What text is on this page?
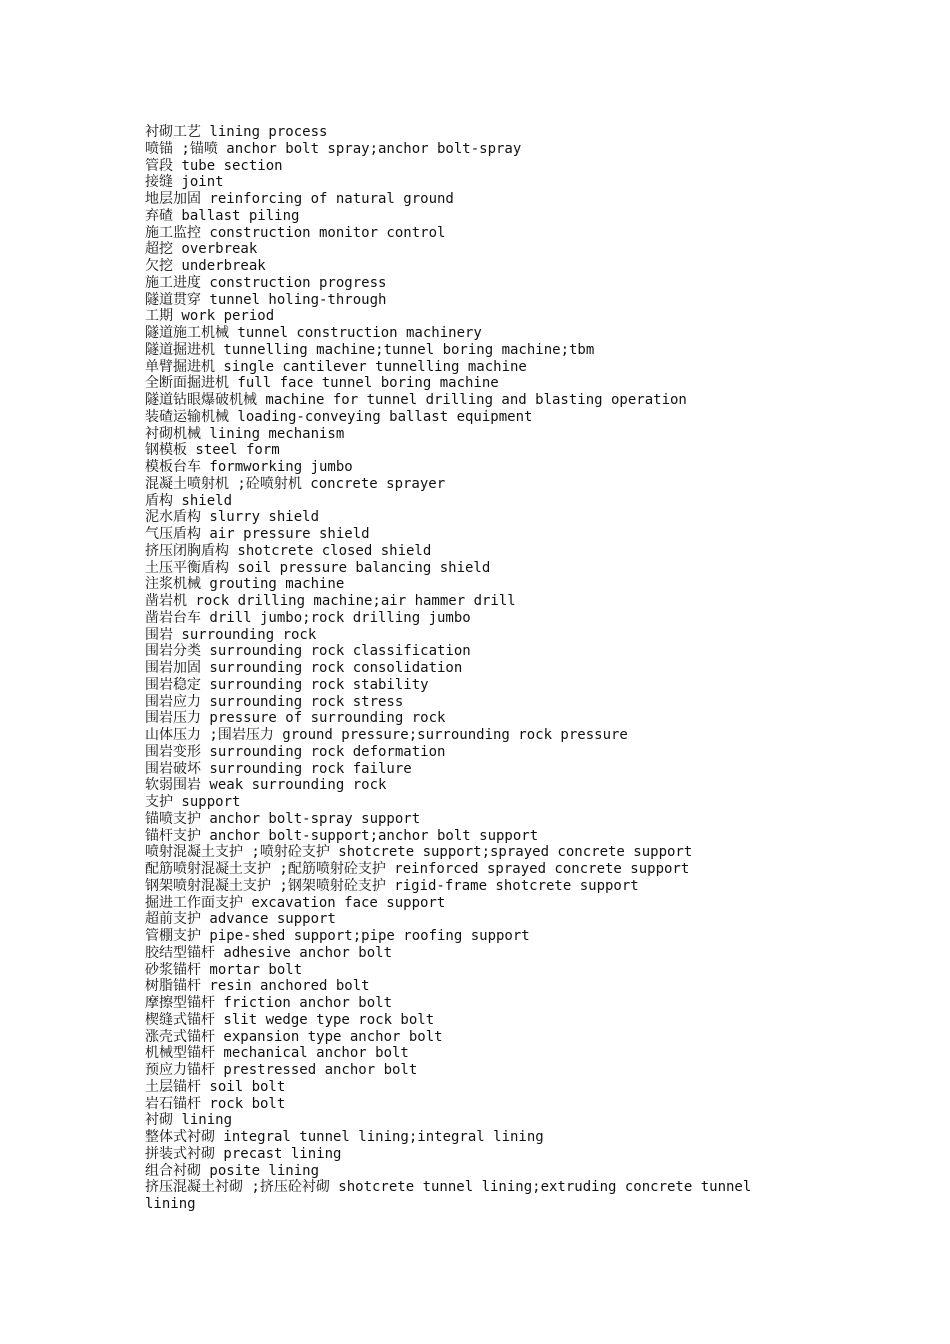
衬砌工艺 lining process
喷锚 ;锚喷 anchor bolt spray;anchor bolt-spray
管段 tube section
接缝 joint
地层加固 reinforcing of natural ground
弃碴 ballast piling
施工监控 construction monitor control
超挖 overbreak
欠挖 underbreak
施工进度 construction progress
隧道贯穿 tunnel holing-through
工期 work period
隧道施工机械 tunnel construction machinery
隧道掘进机 tunnelling machine;tunnel boring machine;tbm
单臂掘进机 single cantilever tunnelling machine
全断面掘进机 full face tunnel boring machine
隧道钻眼爆破机械 machine for tunnel drilling and blasting operation
装碴运输机械 loading-conveying ballast equipment
衬砌机械 lining mechanism
钢模板 steel form
模板台车 formworking jumbo
混凝土喷射机 ;砼喷射机 concrete sprayer
盾构 shield
泥水盾构 slurry shield
气压盾构 air pressure shield
挤压闭胸盾构 shotcrete closed shield
土压平衡盾构 soil pressure balancing shield
注浆机械 grouting machine
凿岩机 rock drilling machine;air hammer drill
凿岩台车 drill jumbo;rock drilling jumbo
围岩 surrounding rock
围岩分类 surrounding rock classification
围岩加固 surrounding rock consolidation
围岩稳定 surrounding rock stability
围岩应力 surrounding rock stress
围岩压力 pressure of surrounding rock
山体压力 ;围岩压力 ground pressure;surrounding rock pressure
围岩变形 surrounding rock deformation
围岩破坏 surrounding rock failure
软弱围岩 weak surrounding rock
支护 support
锚喷支护 anchor bolt-spray support
锚杆支护 anchor bolt-support;anchor bolt support
喷射混凝土支护 ;喷射砼支护 shotcrete support;sprayed concrete support
配筋喷射混凝土支护 ;配筋喷射砼支护 reinforced sprayed concrete support
钢架喷射混凝土支护 ;钢架喷射砼支护 rigid-frame shotcrete support
掘进工作面支护 excavation face support
超前支护 advance support
管棚支护 pipe-shed support;pipe roofing support
胶结型锚杆 adhesive anchor bolt
砂浆锚杆 mortar bolt
树脂锚杆 resin anchored bolt
摩擦型锚杆 friction anchor bolt
楔缝式锚杆 slit wedge type rock bolt
涨壳式锚杆 expansion type anchor bolt
机械型锚杆 mechanical anchor bolt
预应力锚杆 prestressed anchor bolt
土层锚杆 soil bolt
岩石锚杆 rock bolt
衬砌 lining
整体式衬砌 integral tunnel lining;integral lining
拼装式衬砌 precast lining
组合衬砌 posite lining
挤压混凝土衬砌 ;挤压砼衬砌 shotcrete tunnel lining;extruding concrete tunnel
lining
